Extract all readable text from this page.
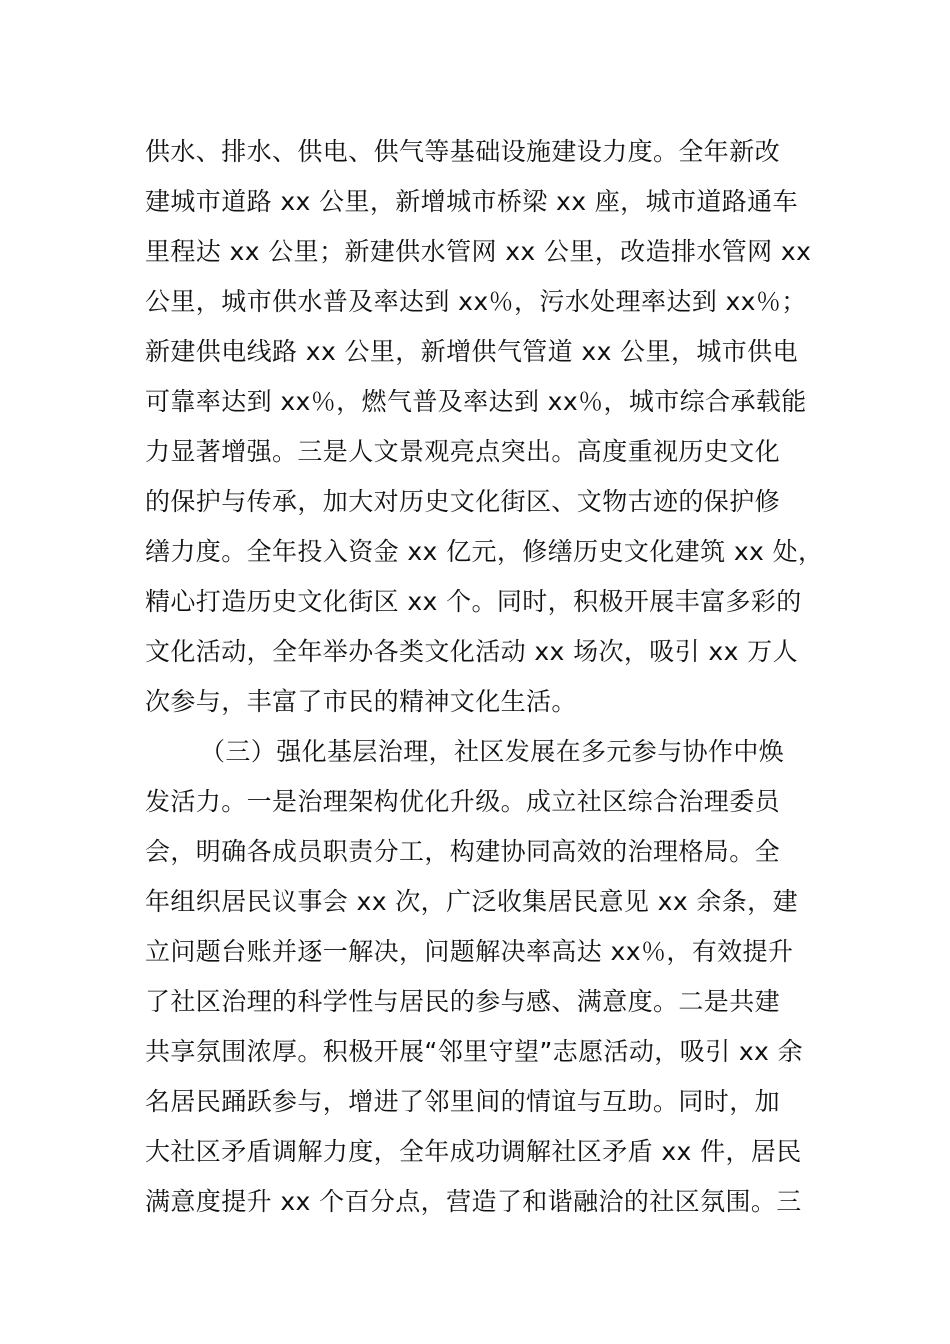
供水、排水、供电、供气等基础设施建设力度。全年新改
建城市道路 xx 公里，新增城市桥梁 xx 座，城市道路通车
里程达 xx 公里；新建供水管网 xx 公里，改造排水管网 xx
公里，城市供水普及率达到 xx％，污水处理率达到 xx％；
新建供电线路 xx 公里，新增供气管道 xx 公里，城市供电
可靠率达到 xx％，燃气普及率达到 xx％，城市综合承载能
力显著增强。三是人文景观亮点突出。高度重视历史文化
的保护与传承，加大对历史文化街区、文物古迹的保护修
缮力度。全年投入资金 xx 亿元，修缮历史文化建筑 xx 处，
精心打造历史文化街区 xx 个。同时，积极开展丰富多彩的
文化活动，全年举办各类文化活动 xx 场次，吸引 xx 万人
次参与，丰富了市民的精神文化生活。
（三）强化基层治理，社区发展在多元参与协作中焕
发活力。一是治理架构优化升级。成立社区综合治理委员
会，明确各成员职责分工，构建协同高效的治理格局。全
年组织居民议事会 xx 次，广泛收集居民意见 xx 余条，建
立问题台账并逐一解决，问题解决率高达 xx％，有效提升
了社区治理的科学性与居民的参与感、满意度。二是共建
共享氛围浓厚。积极开展“邻里守望”志愿活动，吸引 xx 余
名居民踊跃参与，增进了邻里间的情谊与互助。同时，加
大社区矛盾调解力度，全年成功调解社区矛盾 xx 件，居民
满意度提升 xx 个百分点，营造了和谐融洽的社区氛围。三
